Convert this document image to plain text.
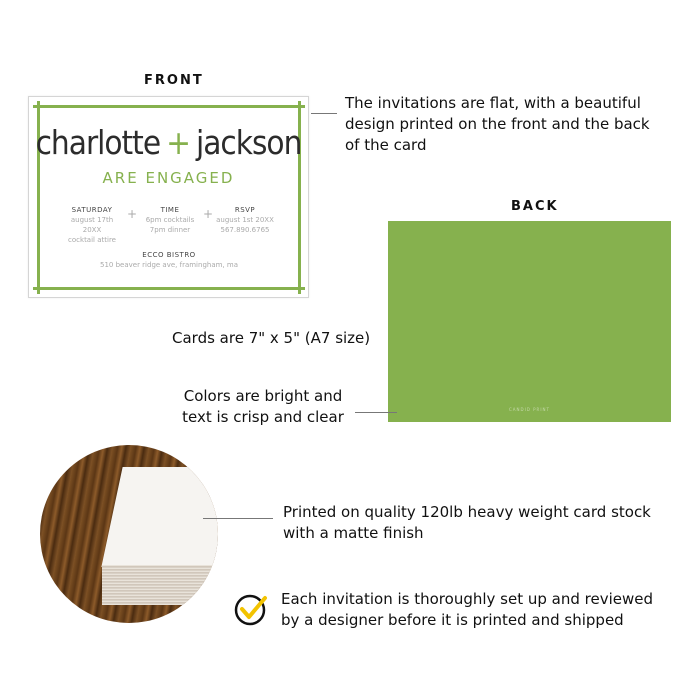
FRONT
charlotte + jackson
ARE ENGAGED
SATURDAY
august 17th 20XX
cocktail attire
+	TIME
6pm cocktails
7pm dinner
+	RSVP
august 1st 20XX
567.890.6765
ECCO BISTRO
510 beaver ridge ave, framingham, ma
The invitations are flat, with a beautiful design printed on the front and the back of the card
BACK
CANDID PRINT
Cards are 7" x 5" (A7 size)
Colors are bright and text is crisp and clear
Printed on quality 120lb heavy weight card stock with a matte finish
Each invitation is thoroughly set up and reviewed by a designer before it is printed and shipped
